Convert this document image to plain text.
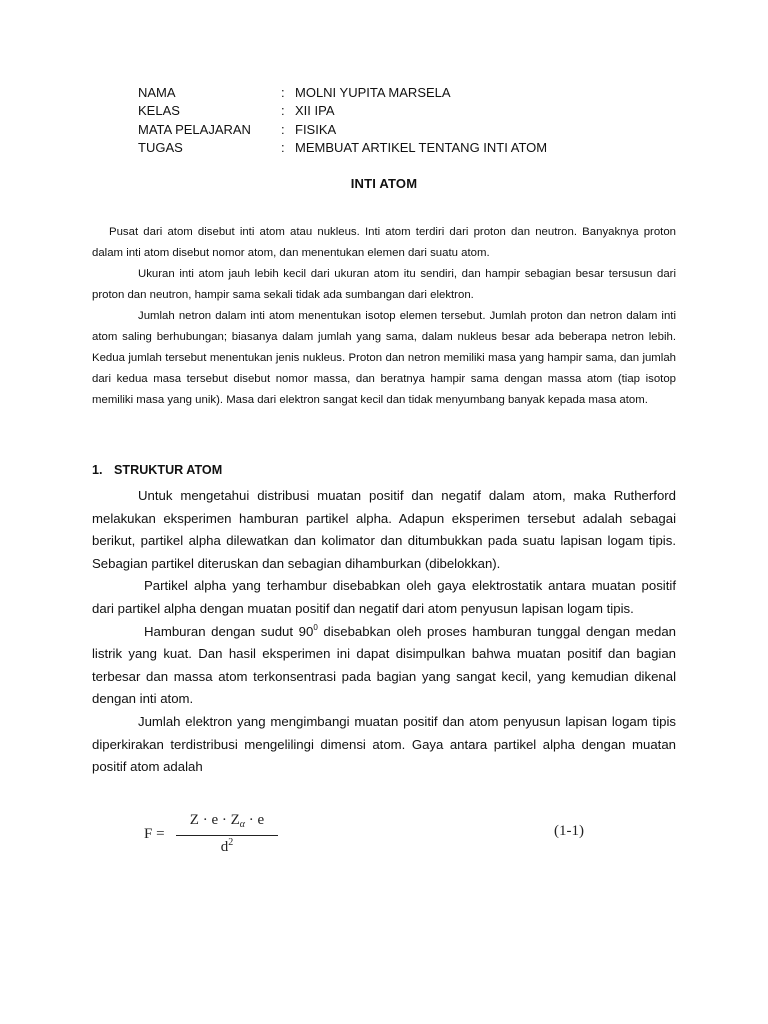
NAMA	: MOLNI YUPITA MARSELA
KELAS	: XII IPA
MATA PELAJARAN	: FISIKA
TUGAS	: MEMBUAT ARTIKEL TENTANG INTI ATOM
INTI ATOM

Pusat dari atom disebut inti atom atau nukleus. Inti atom terdiri dari proton dan neutron. Banyaknya proton dalam inti atom disebut nomor atom, dan menentukan elemen dari suatu atom.

Ukuran inti atom jauh lebih kecil dari ukuran atom itu sendiri, dan hampir sebagian besar tersusun dari proton dan neutron, hampir sama sekali tidak ada sumbangan dari elektron.

Jumlah netron dalam inti atom menentukan isotop elemen tersebut. Jumlah proton dan netron dalam inti atom saling berhubungan; biasanya dalam jumlah yang sama, dalam nukleus besar ada beberapa netron lebih. Kedua jumlah tersebut menentukan jenis nukleus. Proton dan netron memiliki masa yang hampir sama, dan jumlah dari kedua masa tersebut disebut nomor massa, dan beratnya hampir sama dengan massa atom (tiap isotop memiliki masa yang unik). Masa dari elektron sangat kecil dan tidak menyumbang banyak kepada masa atom.

1. STRUKTUR ATOM

Untuk mengetahui distribusi muatan positif dan negatif dalam atom, maka Rutherford melakukan eksperimen hamburan partikel alpha. Adapun eksperimen tersebut adalah sebagai berikut, partikel alpha dilewatkan dan kolimator dan ditumbukkan pada suatu lapisan logam tipis. Sebagian partikel diteruskan dan sebagian dihamburkan (dibelokkan).

Partikel alpha yang terhambur disebabkan oleh gaya elektrostatik antara muatan positif dari partikel alpha dengan muatan positif dan negatif dari atom penyusun lapisan logam tipis.

Hamburan dengan sudut $90^0$ disebabkan oleh proses hamburan tunggal dengan medan listrik yang kuat. Dan hasil eksperimen ini dapat disimpulkan bahwa muatan positif dan bagian terbesar dan massa atom terkonsentrasi pada bagian yang sangat kecil, yang kemudian dikenal dengan inti atom.

Jumlah elektron yang mengimbangi muatan positif dan atom penyusun lapisan logam tipis diperkirakan terdistribusi mengelilingi dimensi atom. Gaya antara partikel alpha dengan muatan positif atom adalah

F =
$Z \cdot e \cdot Z_\alpha \cdot e$
$d^2$
(1-1)
